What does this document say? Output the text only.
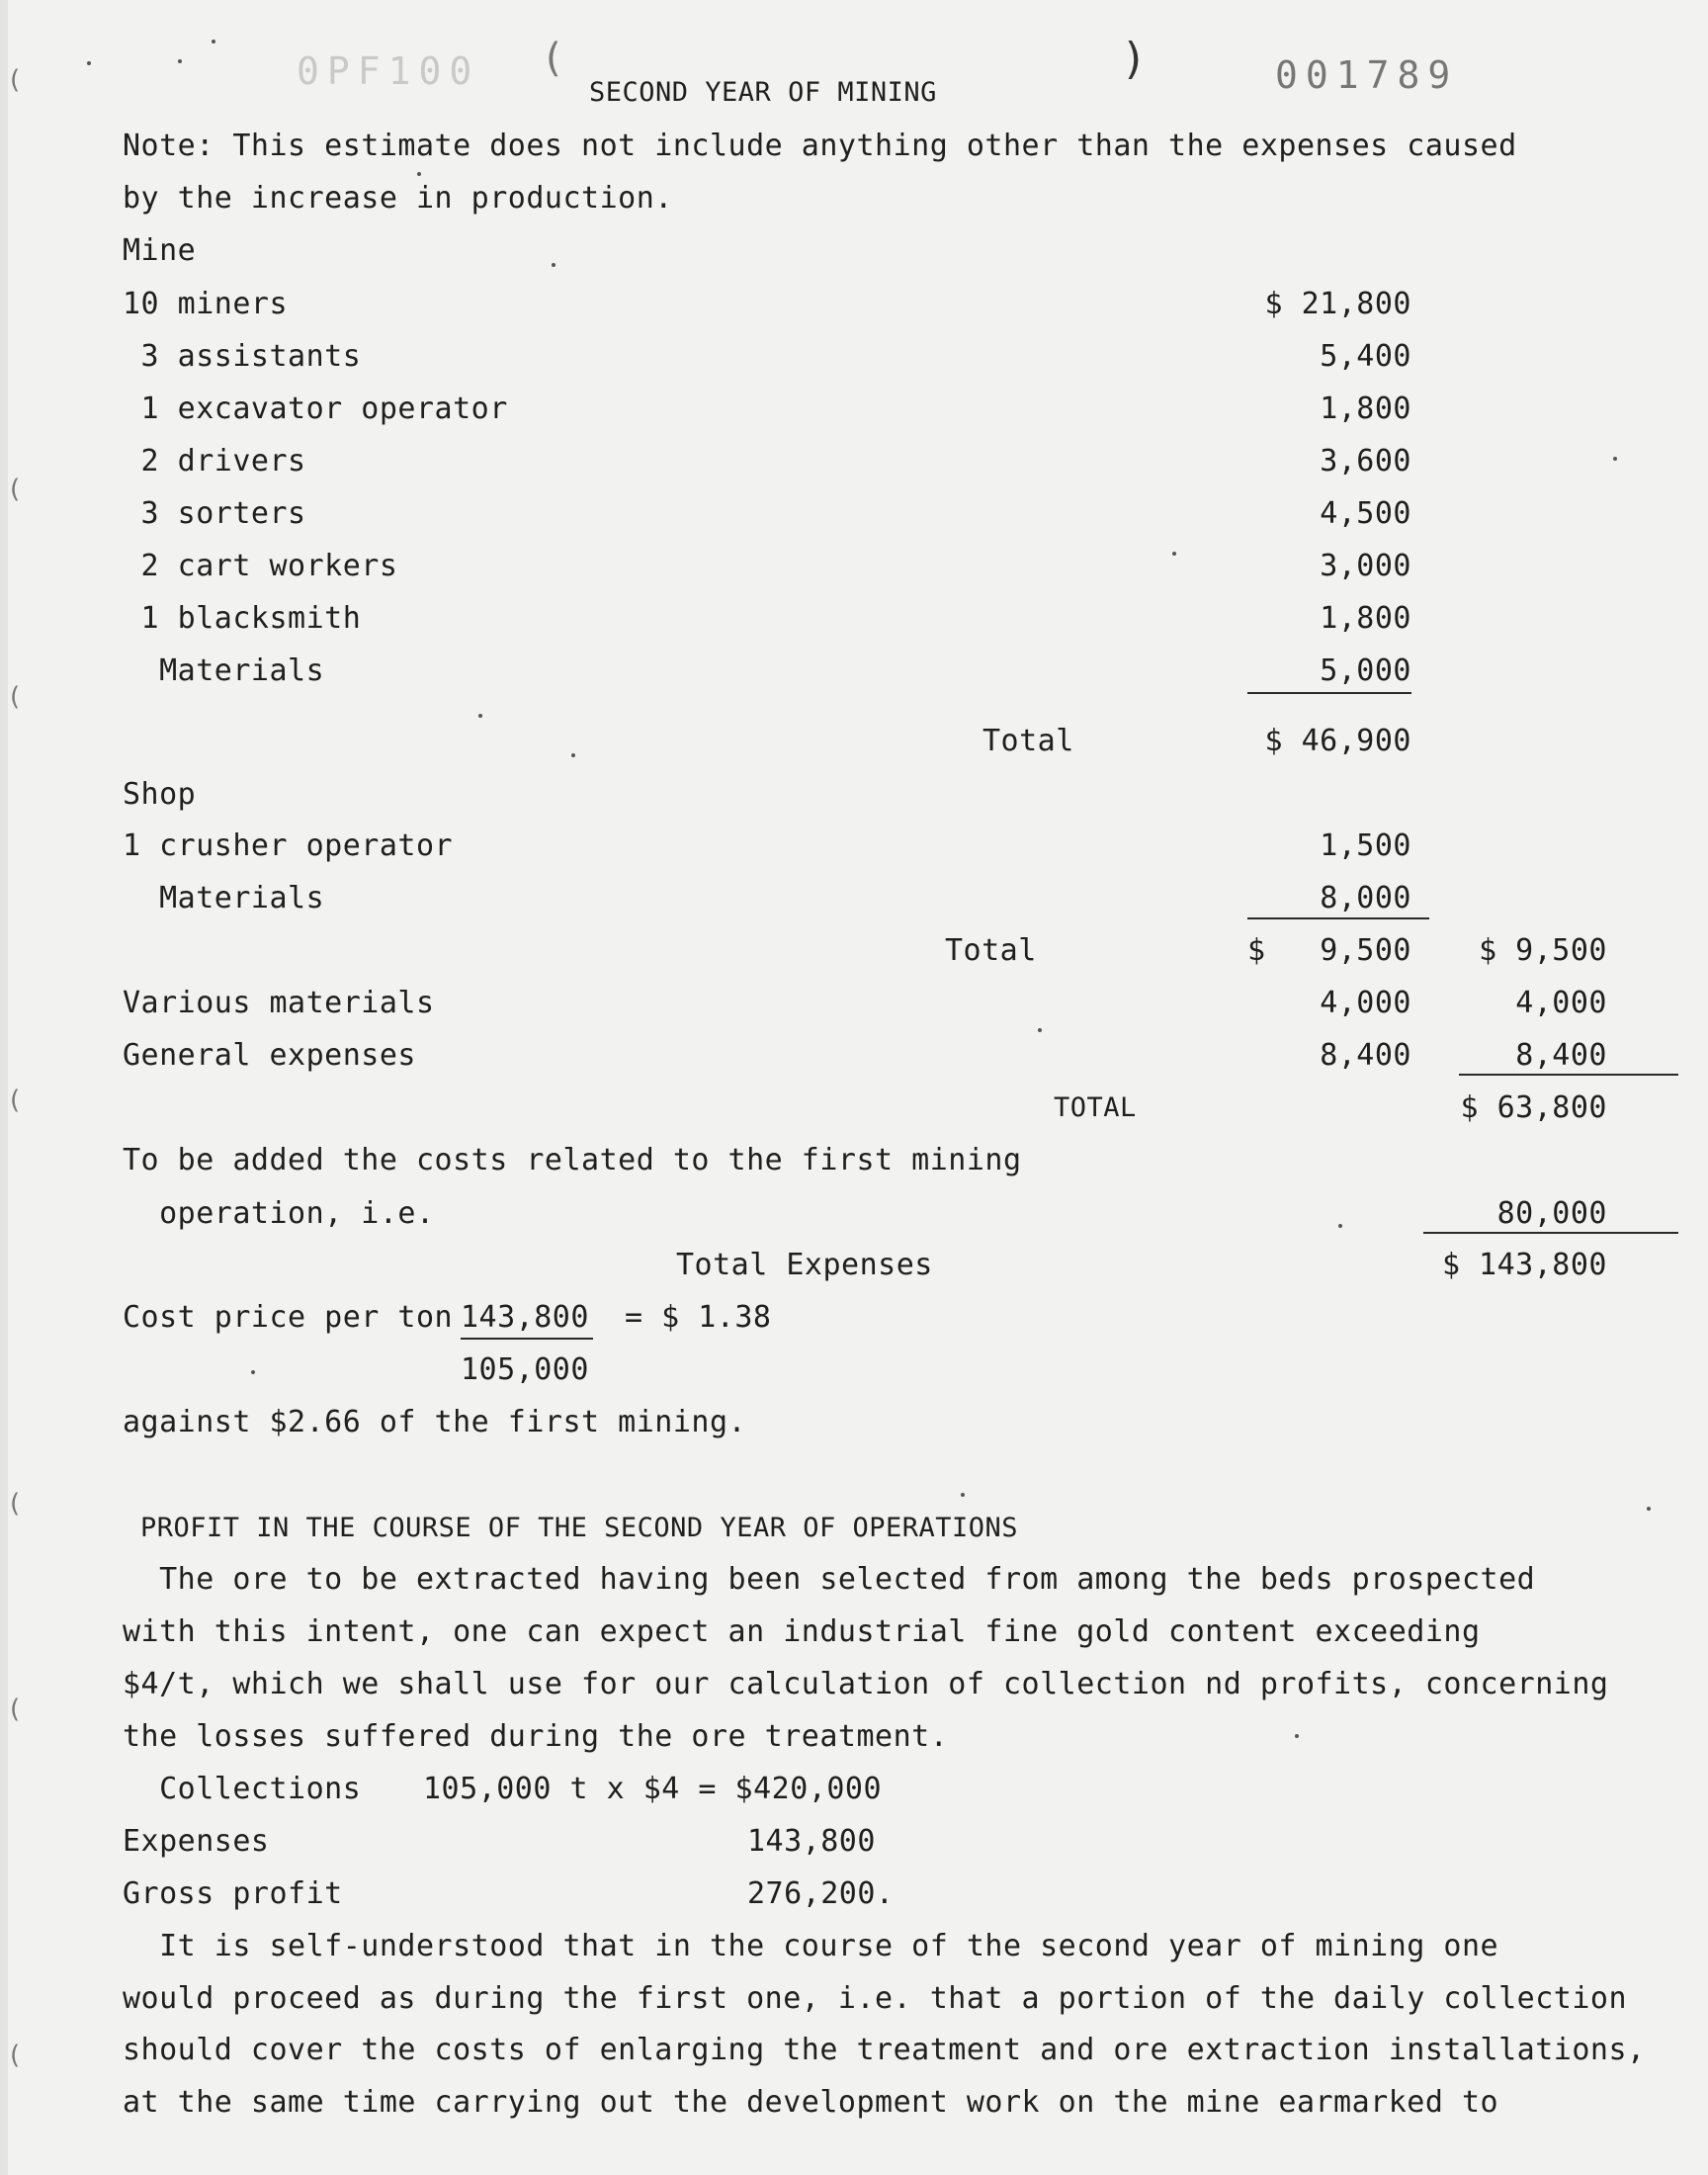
0PF100 (	)	001789
SECOND YEAR OF MINING
Note: This estimate does not include anything other than the expenses caused
by the increase in production.
Mine
10 miners	$ 21,800
3 assistants	5,400
1 excavator operator	1,800
2 drivers	3,600
3 sorters	4,500
2 cart workers	3,000
1 blacksmith	1,800
Materials	5,000
Total	$ 46,900
Shop
1 crusher operator	1,500
Materials	8,000
Total	$	9,500	$ 9,500
Various materials	4,000	4,000
General expenses	8,400	8,400
TOTAL	$ 63,800
To be added the costs related to the first mining
operation, i.e.	80,000
Total Expenses	$ 143,800
Cost price per ton 143,800 = $ 1.38
105,000
against $2.66 of the first mining.
PROFIT IN THE COURSE OF THE SECOND YEAR OF OPERATIONS
The ore to be extracted having been selected from among the beds prospected
with this intent, one can expect an industrial fine gold content exceeding
$4/t, which we shall use for our calculation of collection nd profits, concerning
the losses suffered during the ore treatment.
Collections 105,000 t x $4 = $420,000
Expenses	143,800
Gross profit	276,200.
It is self-understood that in the course of the second year of mining one
would proceed as during the first one, i.e. that a portion of the daily collection
should cover the costs of enlarging the treatment and ore extraction installations,
at the same time carrying out the development work on the mine earmarked to
(
(
(
(
(
(
(
